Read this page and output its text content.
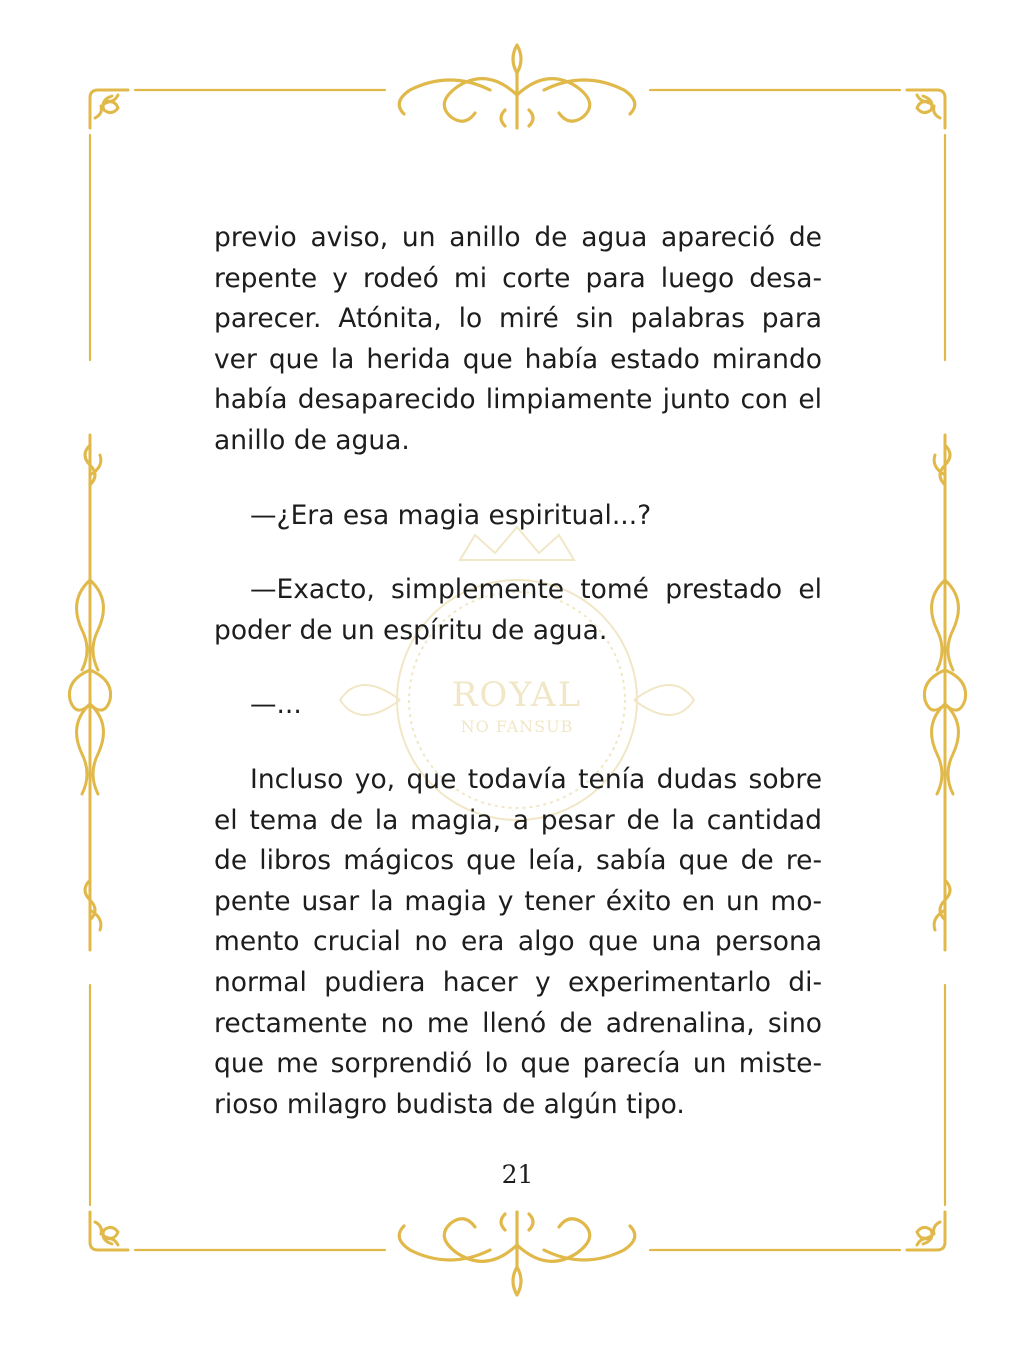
ROYAL
NO FANSUB

previo aviso, un anillo de agua apareció de repente y rodeó mi corte para luego desaparecer. Atónita, lo miré sin palabras para ver que la herida que había estado mirando había desaparecido limpiamente junto con el anillo de agua.

—¿Era esa magia espiritual...?

—Exacto, simplemente tomé prestado el poder de un espíritu de agua.

—...

Incluso yo, que todavía tenía dudas sobre el tema de la magia, a pesar de la cantidad de libros mágicos que leía, sabía que de repente usar la magia y tener éxito en un momento crucial no era algo que una persona normal pudiera hacer y experimentarlo directamente no me llenó de adrenalina, sino que me sorprendió lo que parecía un misterioso milagro budista de algún tipo.

21
